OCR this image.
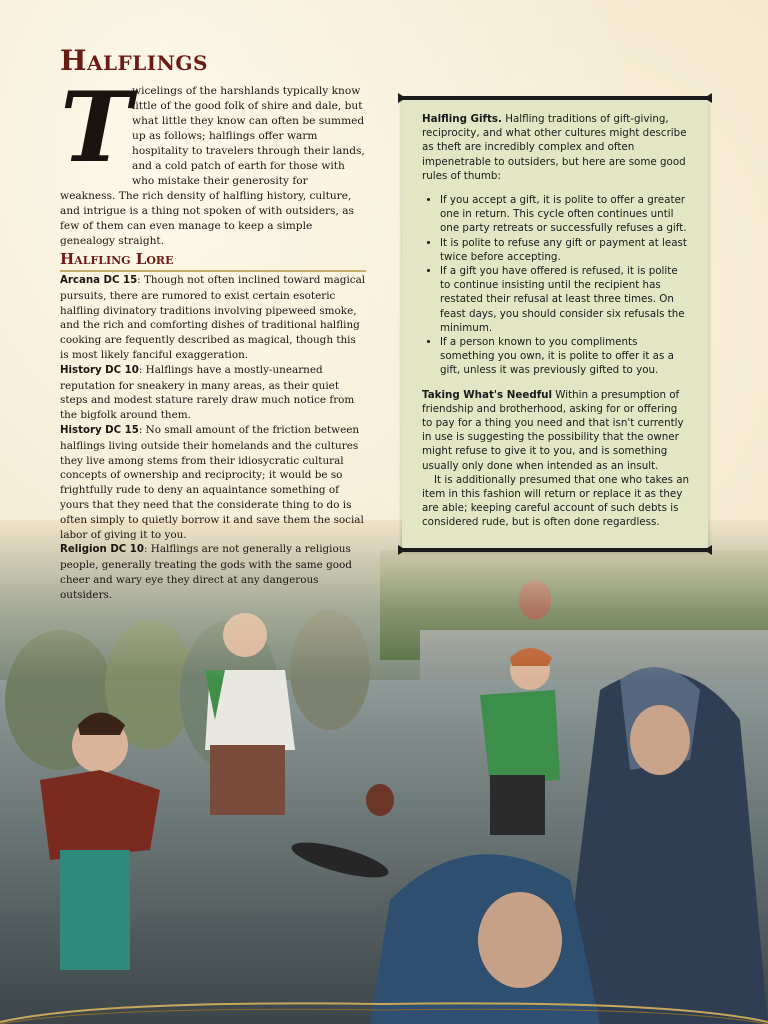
Halflings
T wicelings of the harshlands typically know little of the good folk of shire and dale, but what little they know can often be summed up as follows; halflings offer warm hospitality to travelers through their lands, and a cold patch of earth for those with who mistake their generosity for weakness. The rich density of halfling history, culture, and intrigue is a thing not spoken of with outsiders, as few of them can even manage to keep a simple genealogy straight.

Halfling Lore

Arcana DC 15: Though not often inclined toward magical pursuits, there are rumored to exist certain esoteric halfling divinatory traditions involving pipeweed smoke, and the rich and comforting dishes of traditional halfling cooking are fequently described as magical, though this is most likely fanciful exaggeration.

History DC 10: Halflings have a mostly-unearned reputation for sneakery in many areas, as their quiet steps and modest stature rarely draw much notice from the bigfolk around them.

History DC 15: No small amount of the friction between halflings living outside their homelands and the cultures they live among stems from their idiosycratic cultural concepts of ownership and reciprocity; it would be so frightfully rude to deny an aquaintance something of yours that they need that the considerate thing to do is often simply to quietly borrow it and save them the social labor of giving it to you.

Religion DC 10: Halflings are not generally a religious people, generally treating the gods with the same good cheer and wary eye they direct at any dangerous outsiders.

Halfling Gifts. Halfling traditions of gift-giving, reciprocity, and what other cultures might describe as theft are incredibly complex and often impenetrable to outsiders, but here are some good rules of thumb:

• If you accept a gift, it is polite to offer a greater one in return. This cycle often continues until one party retreats or successfully refuses a gift.
• It is polite to refuse any gift or payment at least twice before accepting.
• If a gift you have offered is refused, it is polite to continue insisting until the recipient has restated their refusal at least three times. On feast days, you should consider six refusals the minimum.
• If a person known to you compliments something you own, it is polite to offer it as a gift, unless it was previously gifted to you.

Taking What's Needful Within a presumption of friendship and brotherhood, asking for or offering to pay for a thing you need and that isn't currently in use is suggesting the possibility that the owner might refuse to give it to you, and is something usually only done when intended as an insult.

It is additionally presumed that one who takes an item in this fashion will return or replace it as they are able; keeping careful account of such debts is considered rude, but is often done regardless.
